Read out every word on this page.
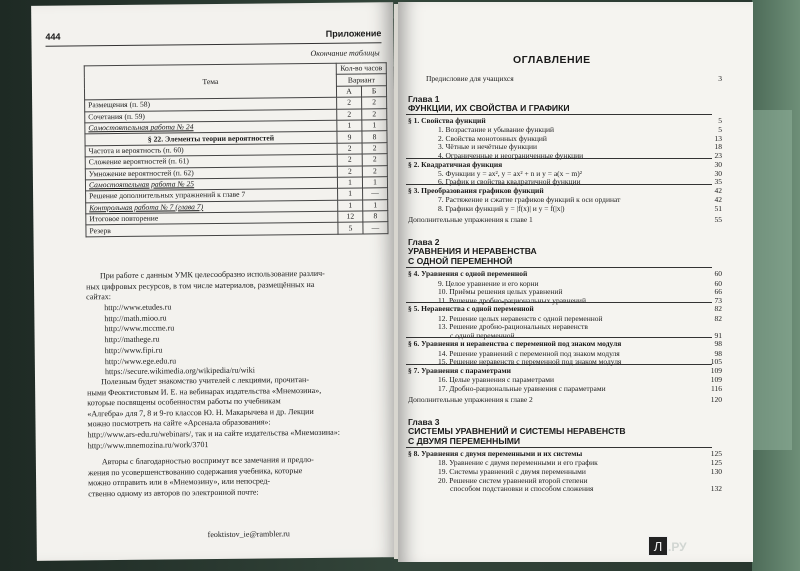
444	Приложение
Окончание таблицы
Тема	Кол-во часов	
	Вариант	
	А	Б
Размещения (п. 58)	2	2
Сочетания (п. 59)	2	2
Самостоятельная работа № 24	1	1
§ 22. Элементы теории вероятностей	9	8
Частота и вероятность (п. 60)	2	2
Сложение вероятностей (п. 61)	2	2
Умножение вероятностей (п. 62)	2	2
Самостоятельная работа № 25	1	1
Решение дополнительных упражнений к главе 7	1	—
Контрольная работа № 7 (глава 7)	1	1
Итоговое повторение	12	8
Резерв	5	—
При работе с данным УМК целесообразно использование различ-
ных цифровых ресурсов, в том числе материалов, размещённых на
сайтах:
http://www.etudes.ru
http://math.mioo.ru
http://www.mccme.ru
http://mathege.ru
http://www.fipi.ru
http://www.ege.edu.ru
https://secure.wikimedia.org/wikipedia/ru/wiki
Полезным будет знакомство учителей с лекциями, прочитан-
ными Феоктистовым И. Е. на вебинарах издательства «Мнемозина»,
которые посвящены особенностям работы по учебникам
«Алгебра» для 7, 8 и 9-го классов Ю. Н. Макарычева и др. Лекции
можно посмотреть на сайте «Арсенала образования»:
http://www.ars-edu.ru/webinars/, так и на сайте издательства «Мнемозина»:
http://www.mnemozina.ru/work/3701
Авторы с благодарностью воспримут все замечания и предло-
жения по усовершенствованию содержания учебника, которые
можно отправить или в «Мнемозину», или непосред-
ственно одному из авторов по электронной почте:
feoktistov_ie@rambler.ru
ОГЛАВЛЕНИЕ
Предисловие для учащихся	3
Глава 1
ФУНКЦИИ, ИХ СВОЙСТВА И ГРАФИКИ
§ 1. Свойства функций	5
1. Возрастание и убывание функций	5
2. Свойства монотонных функций	13
3. Чётные и нечётные функции	18
4. Ограниченные и неограниченные функции	23
§ 2. Квадратичная функция	30
5. Функции y = ax², y = ax² + n и y = a(x − m)²	30
6. График и свойства квадратичной функции	35
§ 3. Преобразования графиков функций	42
7. Растяжение и сжатие графиков функций к оси ординат	42
8. Графики функций y = |f(x)| и y = f(|x|)	51
Дополнительные упражнения к главе 1	55
Глава 2
УРАВНЕНИЯ И НЕРАВЕНСТВА
С ОДНОЙ ПЕРЕМЕННОЙ
§ 4. Уравнения с одной переменной	60
9. Целое уравнение и его корни	60
10. Приёмы решения целых уравнений	66
11. Решение дробно-рациональных уравнений	73
§ 5. Неравенства с одной переменной	82
12. Решение целых неравенств с одной переменной	82
13. Решение дробно-рациональных неравенств
с одной переменной	91
§ 6. Уравнения и неравенства с переменной под знаком модуля	98
14. Решение уравнений с переменной под знаком модуля	98
15. Решение неравенств с переменной под знаком модуля	105
§ 7. Уравнения с параметрами	109
16. Целые уравнения с параметрами	109
17. Дробно-рациональные уравнения с параметрами	116
Дополнительные упражнения к главе 2	120
Глава 3
СИСТЕМЫ УРАВНЕНИЙ И СИСТЕМЫ НЕРАВЕНСТВ
С ДВУМЯ ПЕРЕМЕННЫМИ
§ 8. Уравнения с двумя переменными и их системы	125
18. Уравнение с двумя переменными и его график	125
19. Системы уравнений с двумя переменными	130
20. Решение систем уравнений второй степени
способом подстановки и способом сложения	132
Л .РУ
